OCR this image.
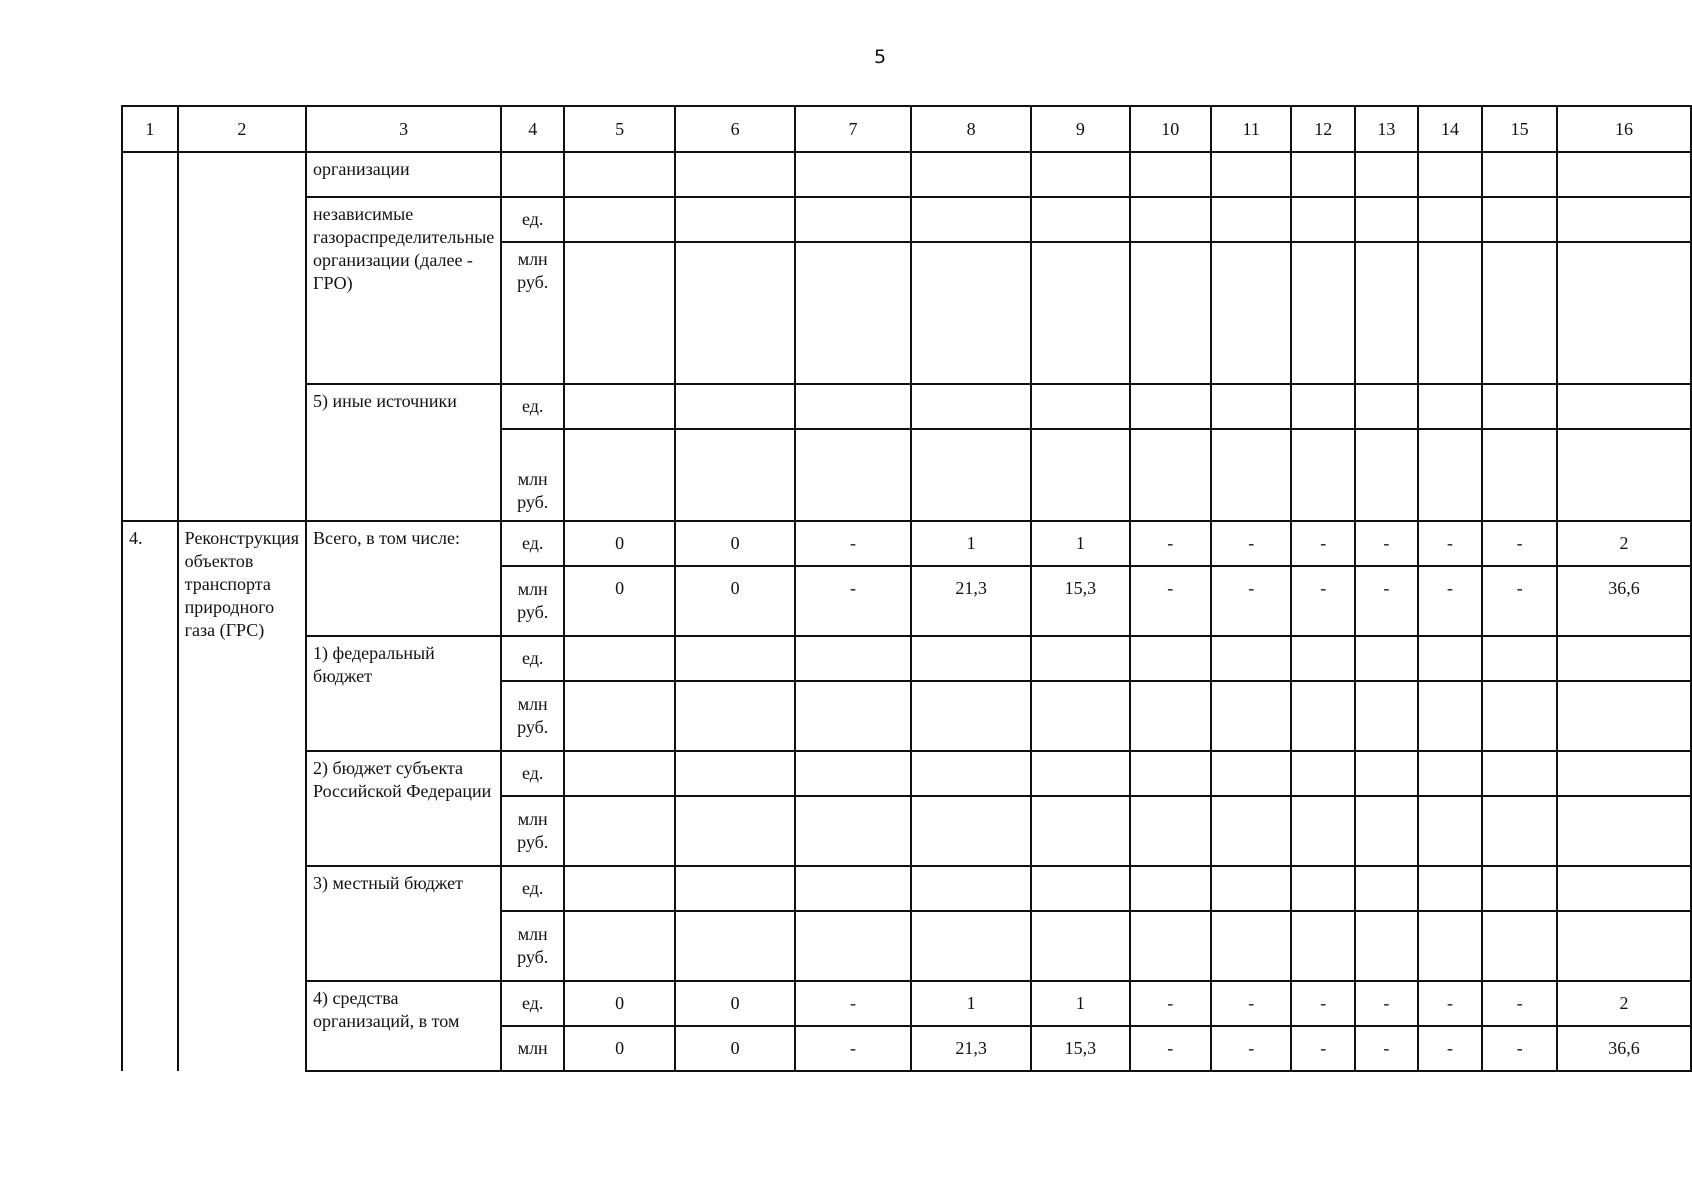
5
1	2	3	4	5	6	7	8	9	10	11	12	13	14	15	16
		организации													
		независимые газораспределительные организации (далее - ГРО)	ед.												
			млн руб.												
		5) иные источники	ед.												
			млн руб.												

4.	Реконструкция объектов транспорта природного газа (ГРС)	Всего, в том числе:	ед.	0	0	-	1	1	-	-	-	-	-	-	2
			млн руб.	0	0	-	21,3	15,3	-	-	-	-	-	-	36,6
		1) федеральный бюджет	ед.												
			млн руб.												
		2) бюджет субъекта Российской Федерации	ед.												
			млн руб.												
		3) местный бюджет	ед.												
			млн руб.												
		4) средства организаций, в том	ед.	0	0	-	1	1	-	-	-	-	-	-	2
			млн	0	0	-	21,3	15,3	-	-	-	-	-	-	36,6
